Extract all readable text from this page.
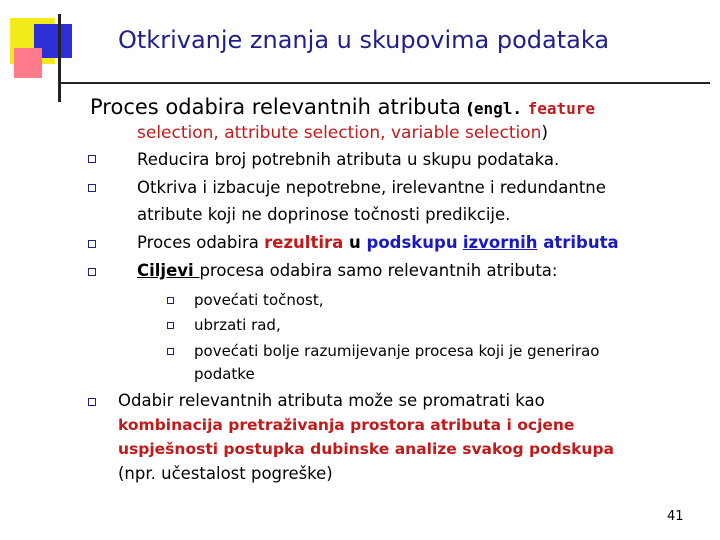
Otkrivanje znanja u skupovima podataka
Proces odabira relevantnih atributa (engl. feature
selection, attribute selection, variable selection)
Reducira broj potrebnih atributa u skupu podataka.
Otkriva i izbacuje nepotrebne, irelevantne i redundantne
atribute koji ne doprinose točnosti predikcije.
Proces odabira rezultira u podskupu izvornih atributa
Ciljevi procesa odabira samo relevantnih atributa:
povećati točnost,
ubrzati rad,
povećati bolje razumijevanje procesa koji je generirao
podatke
Odabir relevantnih atributa može se promatrati kao
kombinacija pretraživanja prostora atributa i ocjene
uspješnosti postupka dubinske analize svakog podskupa
(npr. učestalost pogreške)
41
